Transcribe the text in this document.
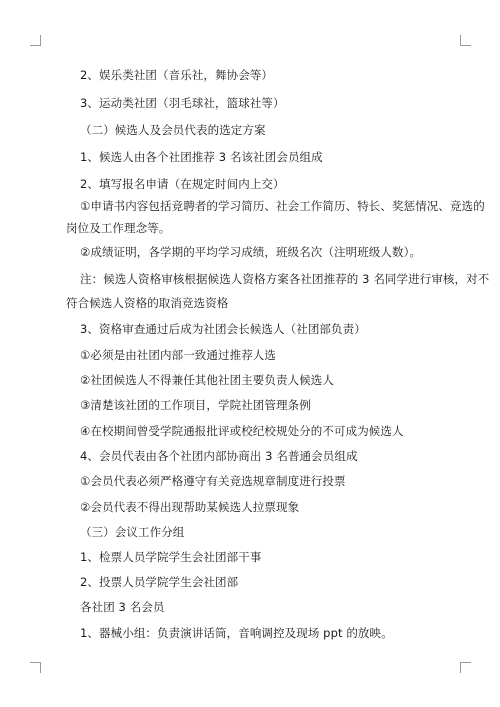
2、娱乐类社团（音乐社，舞协会等）
3、运动类社团（羽毛球社，篮球社等）
（二）候选人及会员代表的选定方案
1、候选人由各个社团推荐 3 名该社团会员组成
2、填写报名申请（在规定时间内上交）
①申请书内容包括竞聘者的学习简历、社会工作简历、特长、奖惩情况、竞选的
岗位及工作理念等。
②成绩证明，各学期的平均学习成绩，班级名次（注明班级人数）。
注：候选人资格审核根据候选人资格方案各社团推荐的 3 名同学进行审核，对不
符合候选人资格的取消竞选资格
3、资格审查通过后成为社团会长候选人（社团部负责）
①必须是由社团内部一致通过推荐人选
②社团候选人不得兼任其他社团主要负责人候选人
③清楚该社团的工作项目，学院社团管理条例
④在校期间曾受学院通报批评或校纪校规处分的不可成为候选人
4、会员代表由各个社团内部协商出 3 名普通会员组成
①会员代表必须严格遵守有关竞选规章制度进行投票
②会员代表不得出现帮助某候选人拉票现象
（三）会议工作分组
1、检票人员学院学生会社团部干事
2、投票人员学院学生会社团部
各社团 3 名会员
1、器械小组：负责演讲话筒，音响调控及现场 ppt 的放映。
